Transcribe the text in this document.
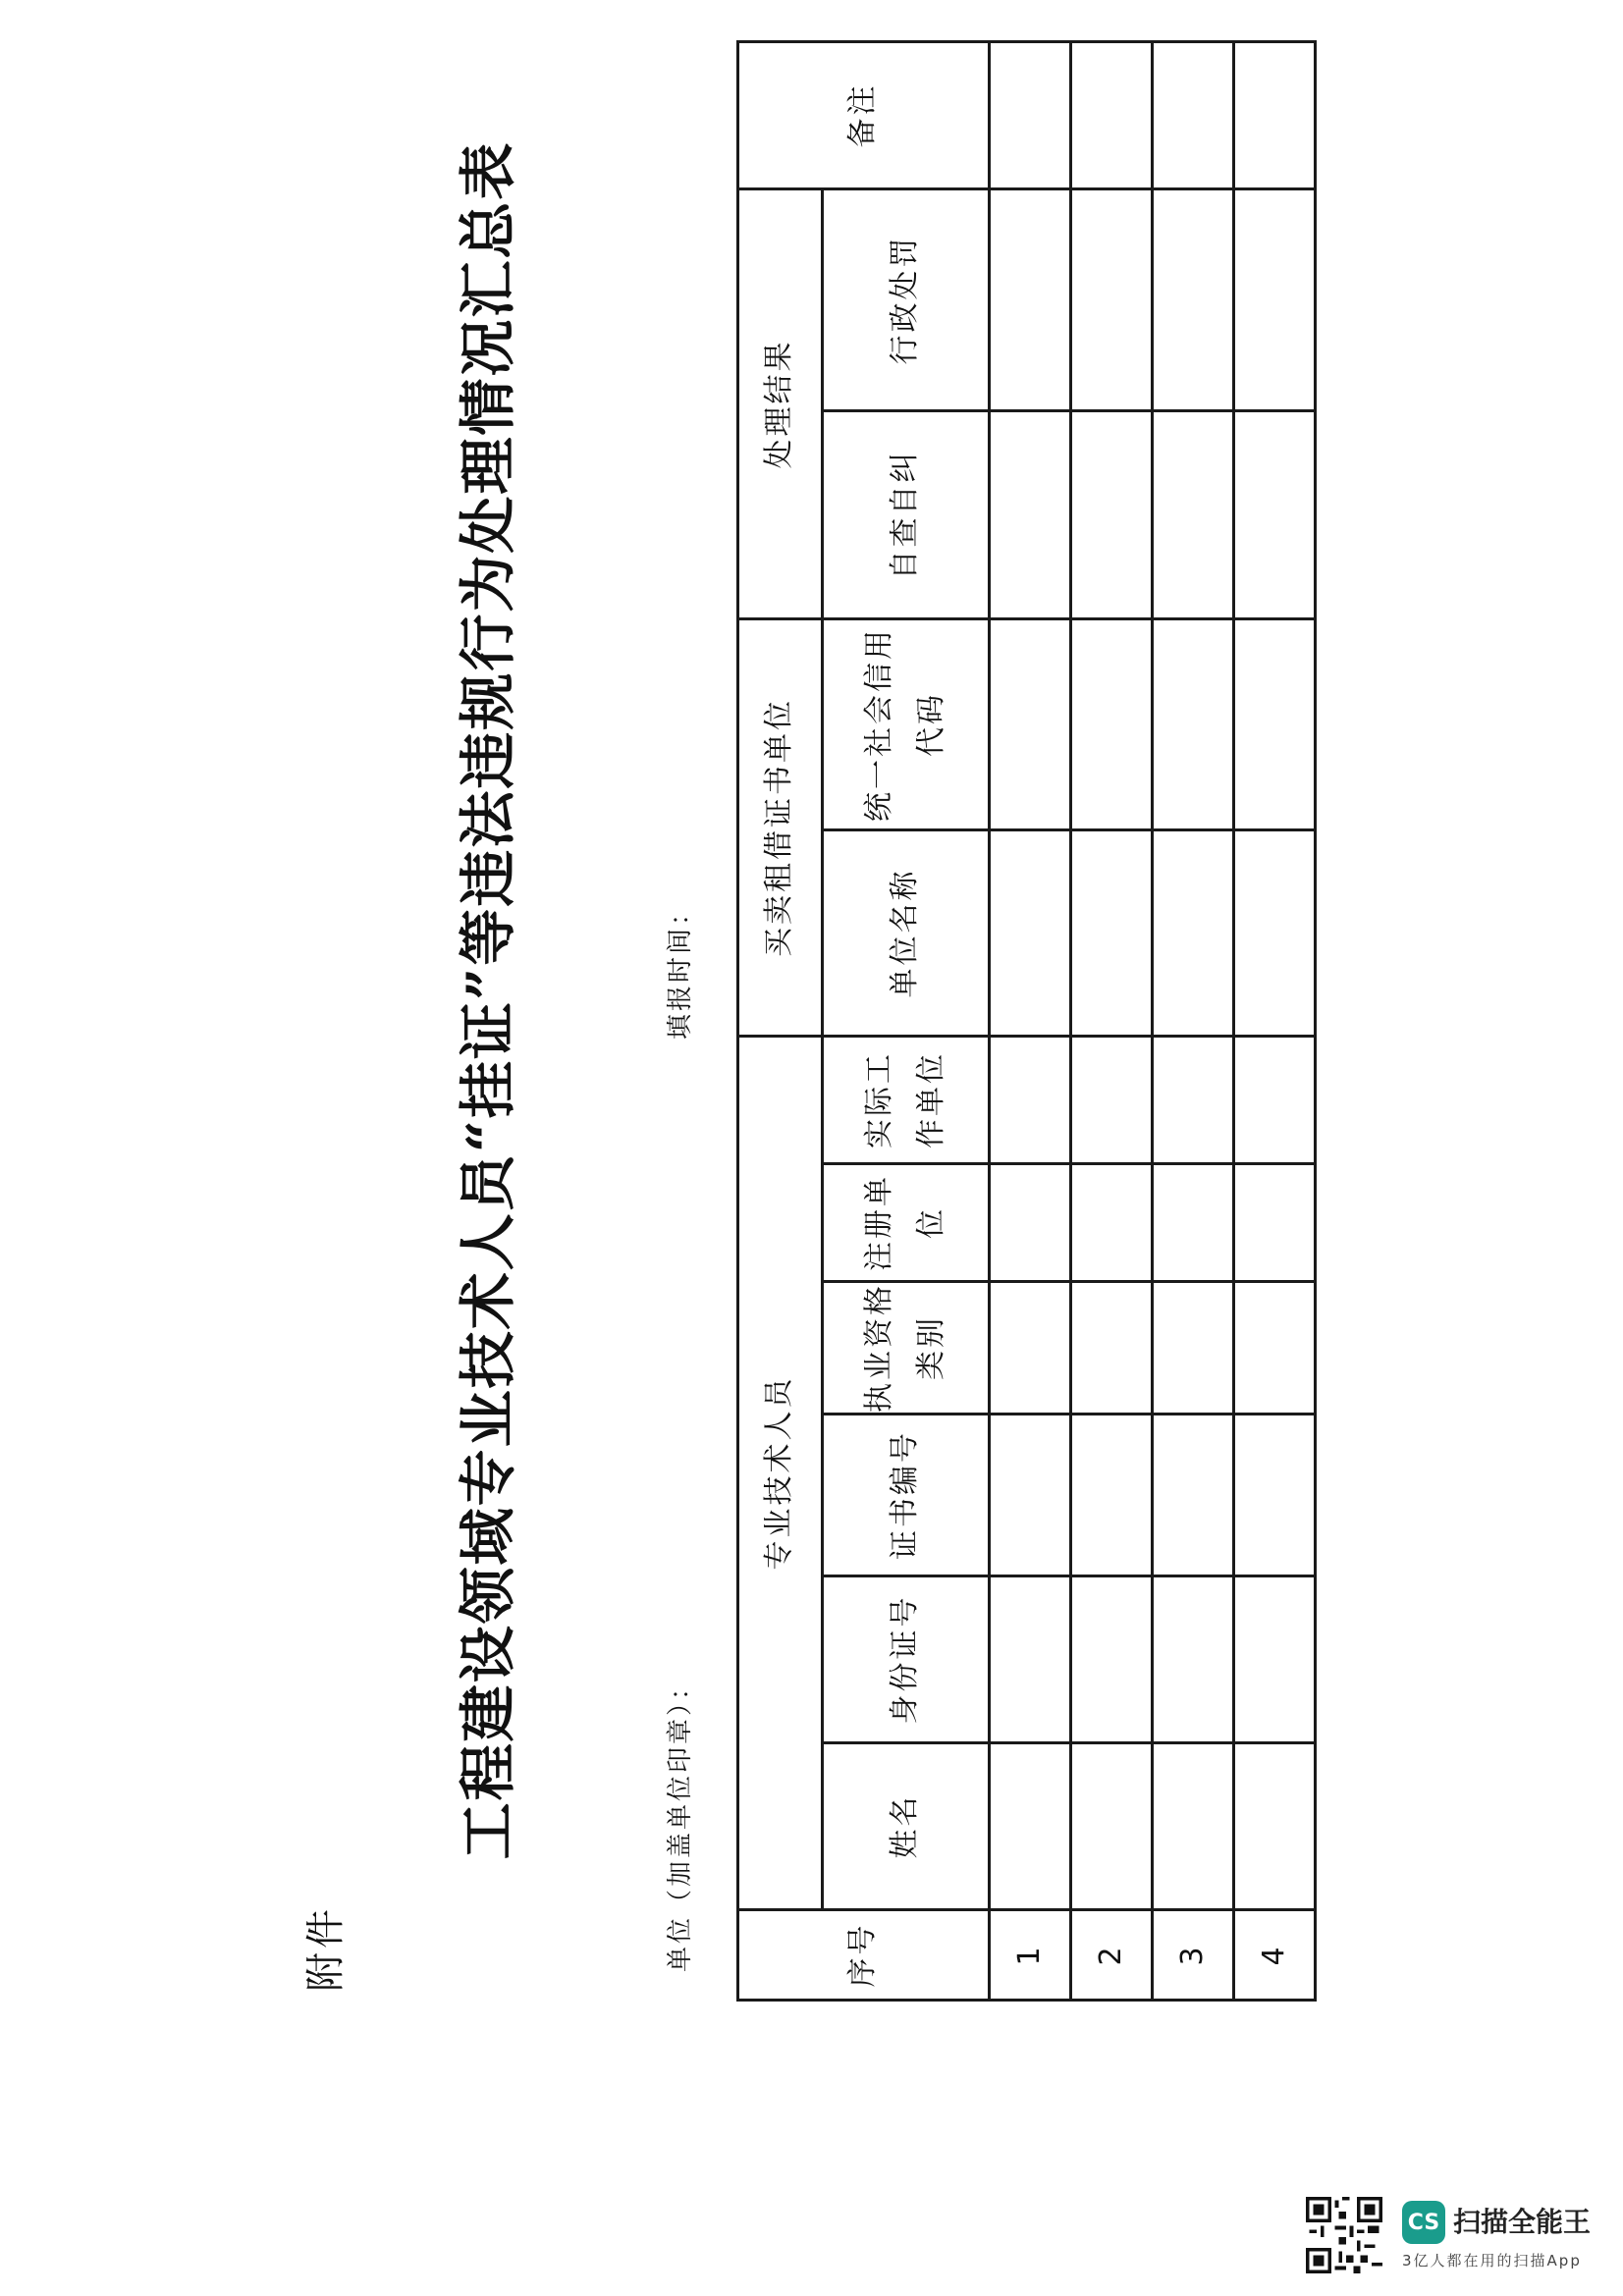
附件
工程建设领域专业技术人员“挂证”等违法违规行为处理情况汇总表	单位（加盖单位印章）：
填报时间：
序号	专业技术人员						买卖租借证书单位		处理结果		备注
	姓名	身份证号	证书编号	执业资格类别	注册单位	实际工作单位	单位名称	统一社会信用代码	自查自纠	行政处罚	
1											
2											
3											
4											
CS 扫描全能王
3亿人都在用的扫描App
